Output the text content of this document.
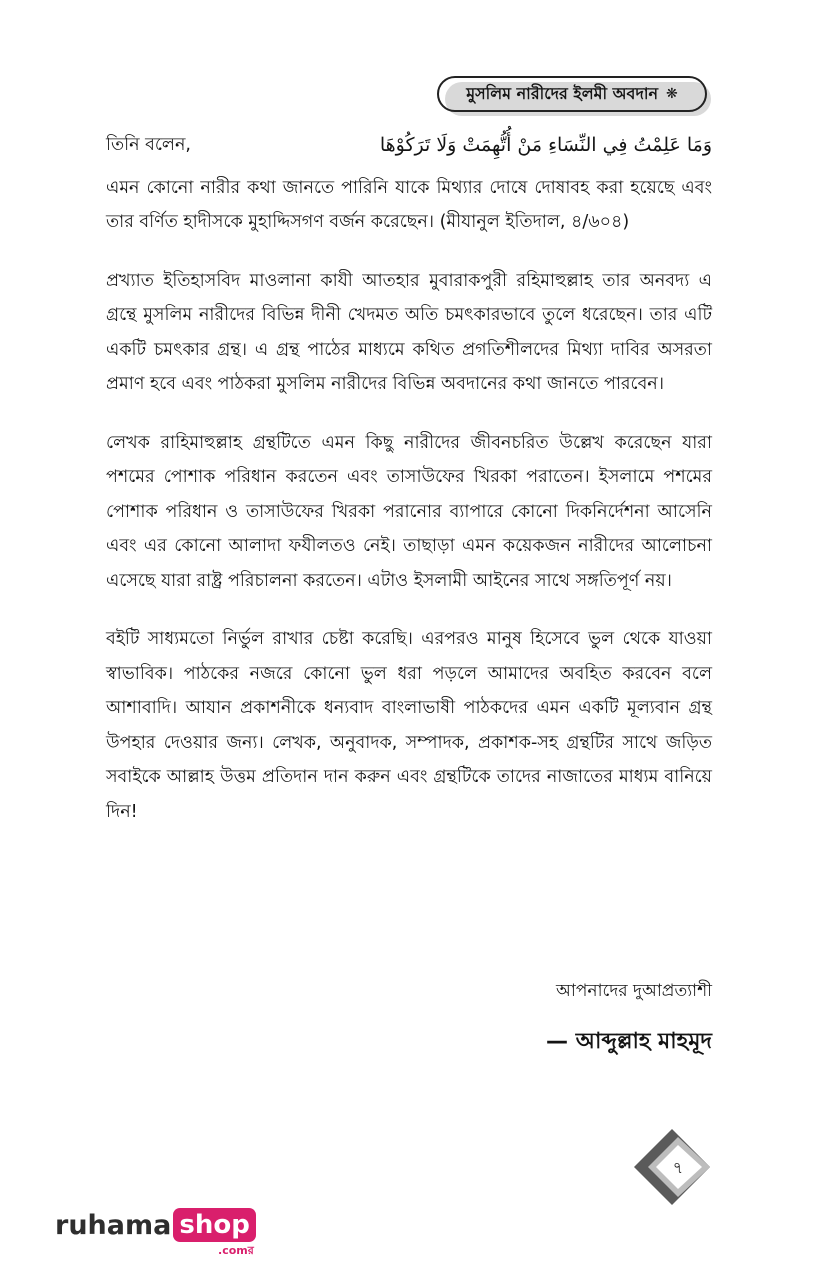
মুসলিম নারীদের ইলমী অবদান ❋
তিনি বলেন,	وَمَا عَلِمْتُ فِي النِّسَاءِ مَنْ أُتُّهِمَتْ وَلَا تَرَكُوْهَا

এমন কোনো নারীর কথা জানতে পারিনি যাকে মিথ্যার দোষে দোষাবহ করা হয়েছে এবং তার বর্ণিত হাদীসকে মুহাদ্দিসগণ বর্জন করেছেন। (মীযানুল ইতিদাল, ৪/৬০৪)

প্রখ্যাত ইতিহাসবিদ মাওলানা কাযী আতহার মুবারাকপুরী রহিমাহুল্লাহ তার অনবদ্য এ গ্রন্থে মুসলিম নারীদের বিভিন্ন দীনী খেদমত অতি চমৎকারভাবে তুলে ধরেছেন। তার এটি একটি চমৎকার গ্রন্থ। এ গ্রন্থ পাঠের মাধ্যমে কথিত প্রগতিশীলদের মিথ্যা দাবির অসরতা প্রমাণ হবে এবং পাঠকরা মুসলিম নারীদের বিভিন্ন অবদানের কথা জানতে পারবেন।

লেখক রাহিমাহুল্লাহ গ্রন্থটিতে এমন কিছু নারীদের জীবনচরিত উল্লেখ করেছেন যারা পশমের পোশাক পরিধান করতেন এবং তাসাউফের খিরকা পরাতেন। ইসলামে পশমের পোশাক পরিধান ও তাসাউফের খিরকা পরানোর ব্যাপারে কোনো দিকনির্দেশনা আসেনি এবং এর কোনো আলাদা ফযীলতও নেই। তাছাড়া এমন কয়েকজন নারীদের আলোচনা এসেছে যারা রাষ্ট্র পরিচালনা করতেন। এটাও ইসলামী আইনের সাথে সঙ্গতিপূর্ণ নয়।

বইটি সাধ্যমতো নির্ভুল রাখার চেষ্টা করেছি। এরপরও মানুষ হিসেবে ভুল থেকে যাওয়া স্বাভাবিক। পাঠকের নজরে কোনো ভুল ধরা পড়লে আমাদের অবহিত করবেন বলে আশাবাদি। আযান প্রকাশনীকে ধন্যবাদ বাংলাভাষী পাঠকদের এমন একটি মূল্যবান গ্রন্থ উপহার দেওয়ার জন্য। লেখক, অনুবাদক, সম্পাদক, প্রকাশক-সহ গ্রন্থটির সাথে জড়িত সবাইকে আল্লাহ উত্তম প্রতিদান দান করুন এবং গ্রন্থটিকে তাদের নাজাতের মাধ্যম বানিয়ে দিন!

আপনাদের দুআপ্রত্যাশী
— আব্দুল্লাহ মাহমূদ
৭
ruhama shop
.comর
